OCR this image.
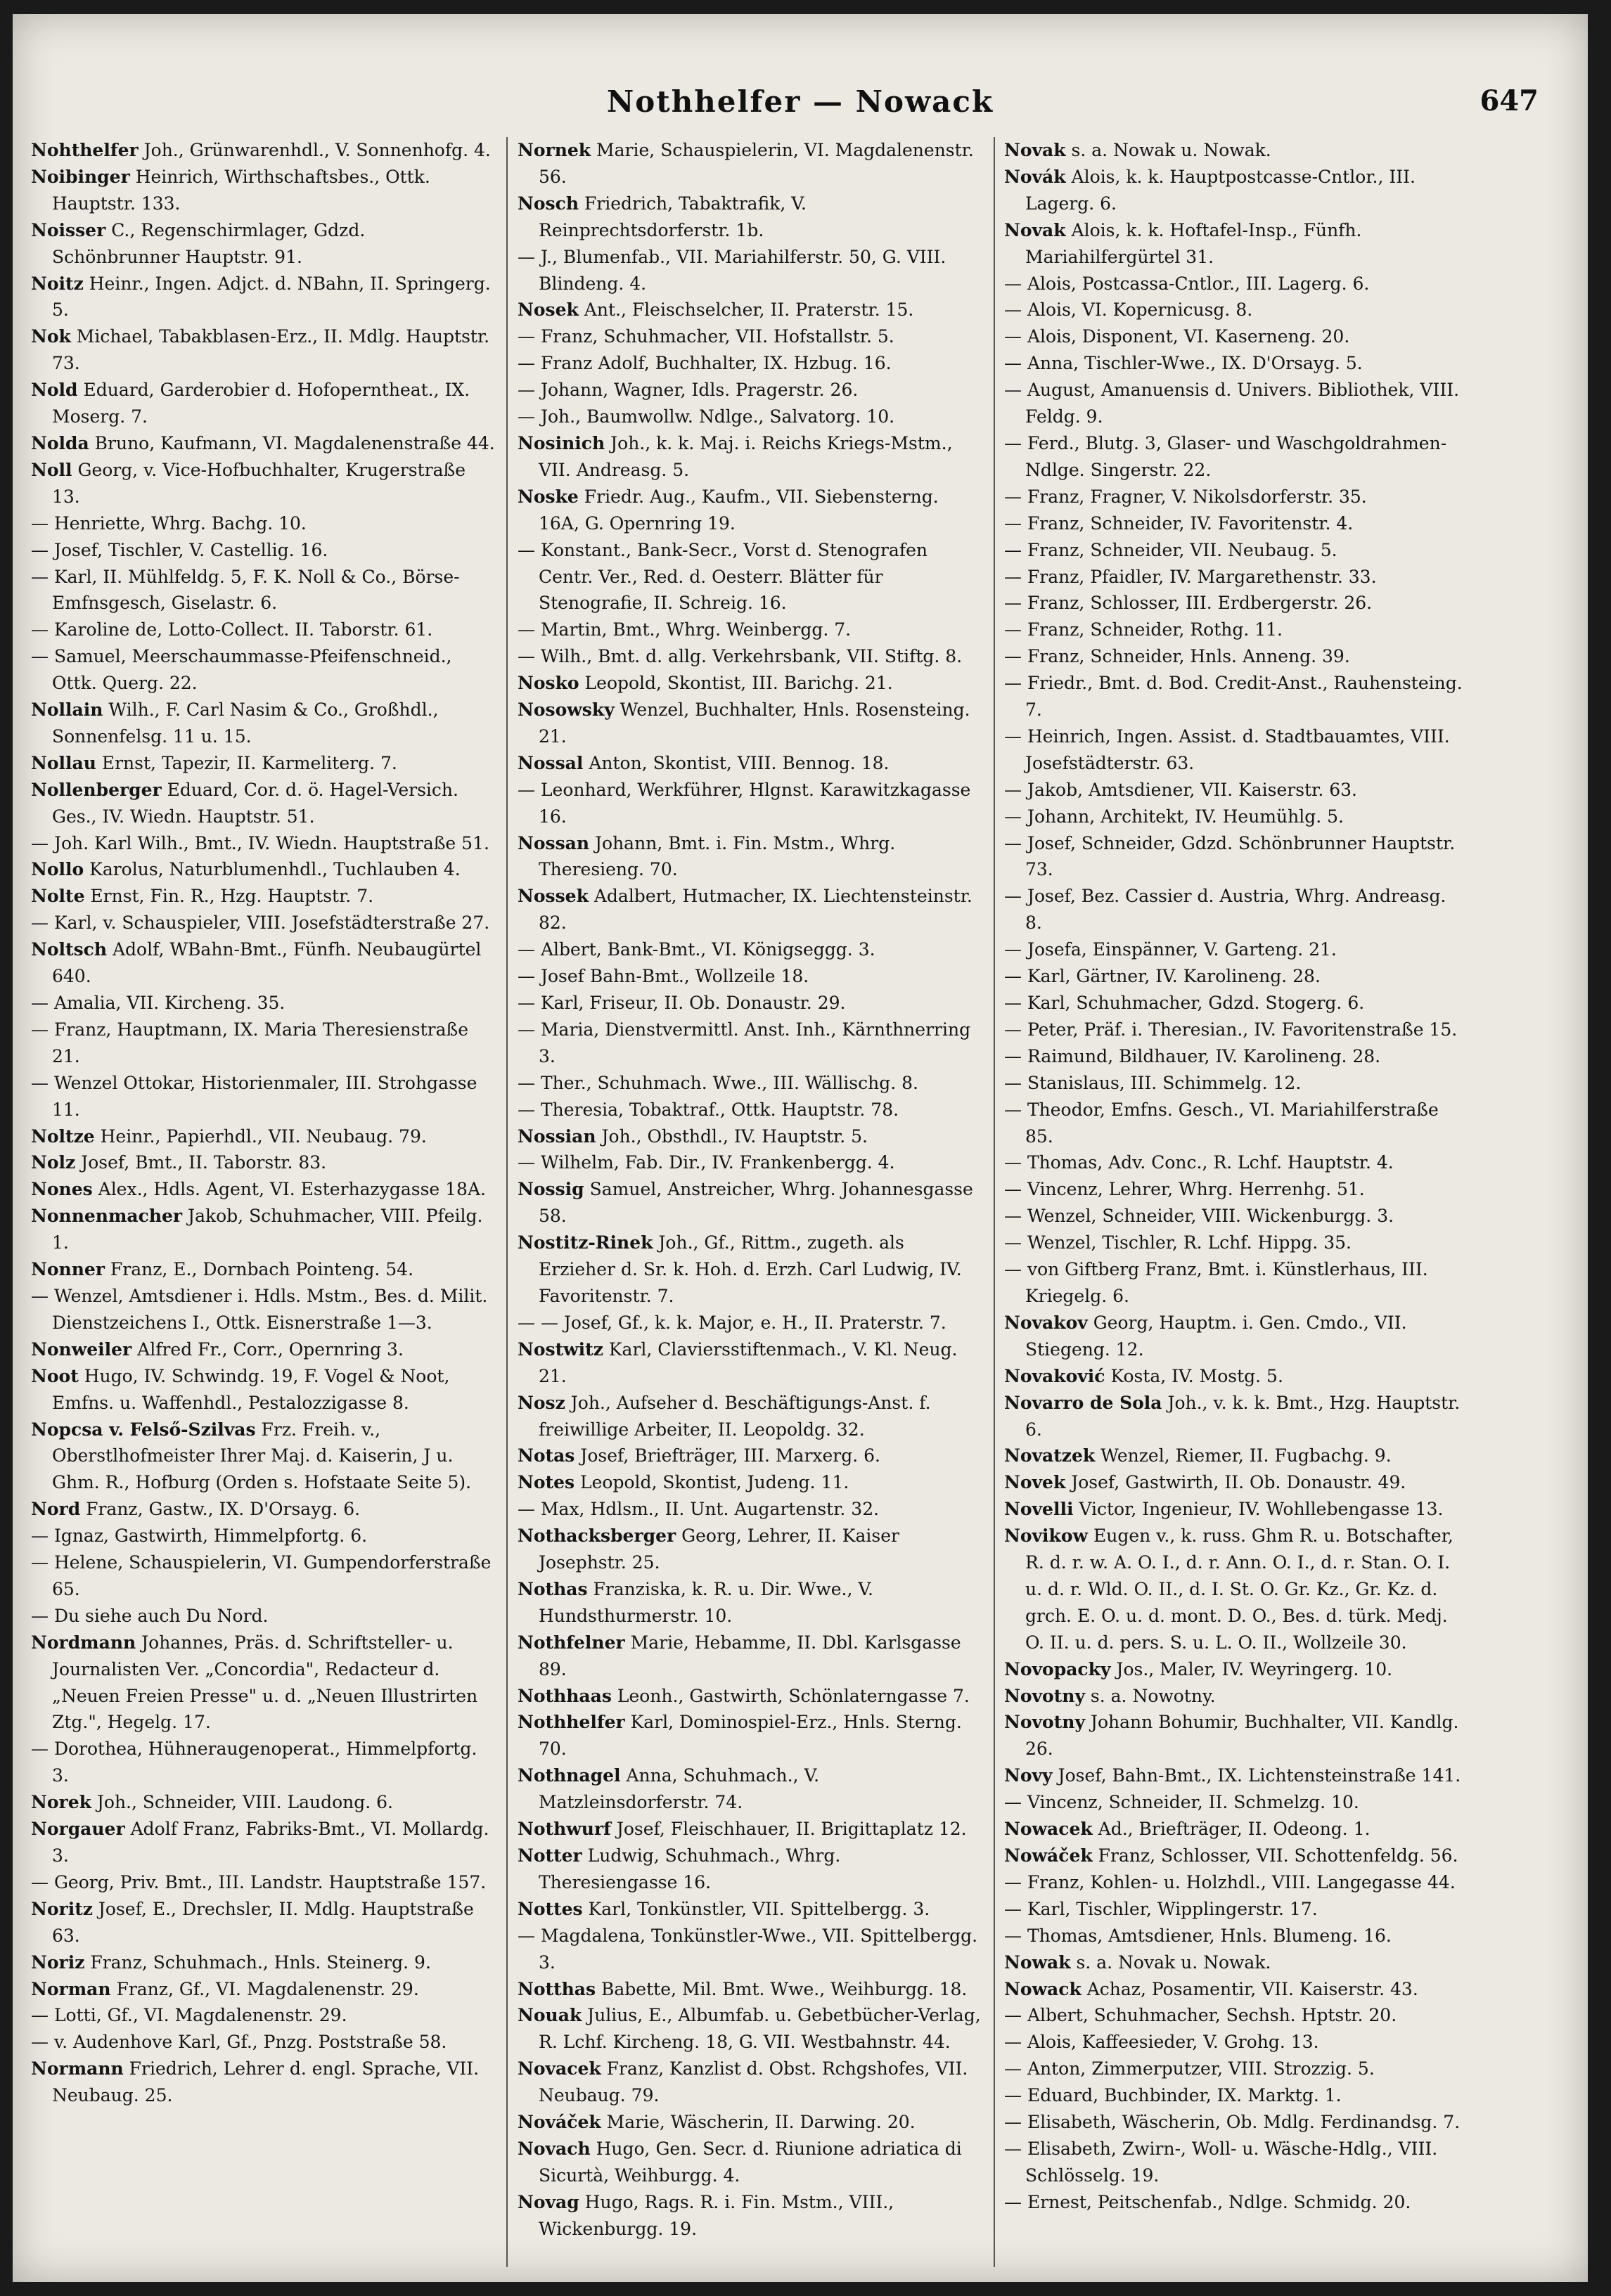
Nothhelfer — Nowack	647

Nohthelfer Joh., Grünwarenhdl., V. Sonnenhofg. 4.

Noibinger Heinrich, Wirthschaftsbes., Ottk. Hauptstr. 133.

Noisser C., Regenschirmlager, Gdzd. Schönbrunner Hauptstr. 91.

Noitz Heinr., Ingen. Adjct. d. NBahn, II. Springerg. 5.

Nok Michael, Tabakblasen-Erz., II. Mdlg. Hauptstr. 73.

Nold Eduard, Garderobier d. Hofoperntheat., IX. Moserg. 7.

Nolda Bruno, Kaufmann, VI. Magdalenenstraße 44.

Noll Georg, v. Vice-Hofbuchhalter, Krugerstraße 13.

— Henriette, Whrg. Bachg. 10.

— Josef, Tischler, V. Castellig. 16.

— Karl, II. Mühlfeldg. 5, F. K. Noll & Co., Börse-Emfnsgesch, Giselastr. 6.

— Karoline de, Lotto-Collect. II. Taborstr. 61.

— Samuel, Meerschaummasse-Pfeifenschneid., Ottk. Querg. 22.

Nollain Wilh., F. Carl Nasim & Co., Großhdl., Sonnenfelsg. 11 u. 15.

Nollau Ernst, Tapezir, II. Karmeliterg. 7.

Nollenberger Eduard, Cor. d. ö. Hagel-Versich. Ges., IV. Wiedn. Hauptstr. 51.

— Joh. Karl Wilh., Bmt., IV. Wiedn. Hauptstraße 51.

Nollo Karolus, Naturblumenhdl., Tuchlauben 4.

Nolte Ernst, Fin. R., Hzg. Hauptstr. 7.

— Karl, v. Schauspieler, VIII. Josefstädterstraße 27.

Noltsch Adolf, WBahn-Bmt., Fünfh. Neubaugürtel 640.

— Amalia, VII. Kircheng. 35.

— Franz, Hauptmann, IX. Maria Theresienstraße 21.

— Wenzel Ottokar, Historienmaler, III. Strohgasse 11.

Noltze Heinr., Papierhdl., VII. Neubaug. 79.

Nolz Josef, Bmt., II. Taborstr. 83.

Nones Alex., Hdls. Agent, VI. Esterhazygasse 18A.

Nonnenmacher Jakob, Schuhmacher, VIII. Pfeilg. 1.

Nonner Franz, E., Dornbach Pointeng. 54.

— Wenzel, Amtsdiener i. Hdls. Mstm., Bes. d. Milit. Dienstzeichens I., Ottk. Eisnerstraße 1—3.

Nonweiler Alfred Fr., Corr., Opernring 3.

Noot Hugo, IV. Schwindg. 19, F. Vogel & Noot, Emfns. u. Waffenhdl., Pestalozzigasse 8.

Nopcsa v. Felső-Szilvas Frz. Freih. v., Oberstlhofmeister Ihrer Maj. d. Kaiserin, J u. Ghm. R., Hofburg (Orden s. Hofstaate Seite 5).

Nord Franz, Gastw., IX. D'Orsayg. 6.

— Ignaz, Gastwirth, Himmelpfortg. 6.

— Helene, Schauspielerin, VI. Gumpendorferstraße 65.

— Du siehe auch Du Nord.

Nordmann Johannes, Präs. d. Schriftsteller- u. Journalisten Ver. „Concordia", Redacteur d. „Neuen Freien Presse" u. d. „Neuen Illustrirten Ztg.", Hegelg. 17.

— Dorothea, Hühneraugenoperat., Himmelpfortg. 3.

Norek Joh., Schneider, VIII. Laudong. 6.

Norgauer Adolf Franz, Fabriks-Bmt., VI. Mollardg. 3.

— Georg, Priv. Bmt., III. Landstr. Hauptstraße 157.

Noritz Josef, E., Drechsler, II. Mdlg. Hauptstraße 63.

Noriz Franz, Schuhmach., Hnls. Steinerg. 9.

Norman Franz, Gf., VI. Magdalenenstr. 29.

— Lotti, Gf., VI. Magdalenenstr. 29.

— v. Audenhove Karl, Gf., Pnzg. Poststraße 58.

Normann Friedrich, Lehrer d. engl. Sprache, VII. Neubaug. 25.

Nornek Marie, Schauspielerin, VI. Magdalenenstr. 56.

Nosch Friedrich, Tabaktrafik, V. Reinprechtsdorferstr. 1b.

— J., Blumenfab., VII. Mariahilferstr. 50, G. VIII. Blindeng. 4.

Nosek Ant., Fleischselcher, II. Praterstr. 15.

— Franz, Schuhmacher, VII. Hofstallstr. 5.

— Franz Adolf, Buchhalter, IX. Hzbug. 16.

— Johann, Wagner, Idls. Pragerstr. 26.

— Joh., Baumwollw. Ndlge., Salvatorg. 10.

Nosinich Joh., k. k. Maj. i. Reichs Kriegs-Mstm., VII. Andreasg. 5.

Noske Friedr. Aug., Kaufm., VII. Siebensterng. 16A, G. Opernring 19.

— Konstant., Bank-Secr., Vorst d. Stenografen Centr. Ver., Red. d. Oesterr. Blätter für Stenografie, II. Schreig. 16.

— Martin, Bmt., Whrg. Weinbergg. 7.

— Wilh., Bmt. d. allg. Verkehrsbank, VII. Stiftg. 8.

Nosko Leopold, Skontist, III. Barichg. 21.

Nosowsky Wenzel, Buchhalter, Hnls. Rosensteing. 21.

Nossal Anton, Skontist, VIII. Bennog. 18.

— Leonhard, Werkführer, Hlgnst. Karawitzkagasse 16.

Nossan Johann, Bmt. i. Fin. Mstm., Whrg. Theresieng. 70.

Nossek Adalbert, Hutmacher, IX. Liechtensteinstr. 82.

— Albert, Bank-Bmt., VI. Königseggg. 3.

— Josef Bahn-Bmt., Wollzeile 18.

— Karl, Friseur, II. Ob. Donaustr. 29.

— Maria, Dienstvermittl. Anst. Inh., Kärnthnerring 3.

— Ther., Schuhmach. Wwe., III. Wällischg. 8.

— Theresia, Tobaktraf., Ottk. Hauptstr. 78.

Nossian Joh., Obsthdl., IV. Hauptstr. 5.

— Wilhelm, Fab. Dir., IV. Frankenbergg. 4.

Nossig Samuel, Anstreicher, Whrg. Johannesgasse 58.

Nostitz-Rinek Joh., Gf., Rittm., zugeth. als Erzieher d. Sr. k. Hoh. d. Erzh. Carl Ludwig, IV. Favoritenstr. 7.

— — Josef, Gf., k. k. Major, e. H., II. Praterstr. 7.

Nostwitz Karl, Claviersstiftenmach., V. Kl. Neug. 21.

Nosz Joh., Aufseher d. Beschäftigungs-Anst. f. freiwillige Arbeiter, II. Leopoldg. 32.

Notas Josef, Briefträger, III. Marxerg. 6.

Notes Leopold, Skontist, Judeng. 11.

— Max, Hdlsm., II. Unt. Augartenstr. 32.

Nothacksberger Georg, Lehrer, II. Kaiser Josephstr. 25.

Nothas Franziska, k. R. u. Dir. Wwe., V. Hundsthurmerstr. 10.

Nothfelner Marie, Hebamme, II. Dbl. Karlsgasse 89.

Nothhaas Leonh., Gastwirth, Schönlaterngasse 7.

Nothhelfer Karl, Dominospiel-Erz., Hnls. Sterng. 70.

Nothnagel Anna, Schuhmach., V. Matzleinsdorferstr. 74.

Nothwurf Josef, Fleischhauer, II. Brigittaplatz 12.

Notter Ludwig, Schuhmach., Whrg. Theresiengasse 16.

Nottes Karl, Tonkünstler, VII. Spittelbergg. 3.

— Magdalena, Tonkünstler-Wwe., VII. Spittelbergg. 3.

Notthas Babette, Mil. Bmt. Wwe., Weihburgg. 18.

Nouak Julius, E., Albumfab. u. Gebetbücher-Verlag, R. Lchf. Kircheng. 18, G. VII. Westbahnstr. 44.

Novacek Franz, Kanzlist d. Obst. Rchgshofes, VII. Neubaug. 79.

Nováček Marie, Wäscherin, II. Darwing. 20.

Novach Hugo, Gen. Secr. d. Riunione adriatica di Sicurtà, Weihburgg. 4.

Novag Hugo, Rags. R. i. Fin. Mstm., VIII., Wickenburgg. 19.

Novak s. a. Nowak u. Nowak.

Novák Alois, k. k. Hauptpostcasse-Cntlor., III. Lagerg. 6.

Novak Alois, k. k. Hoftafel-Insp., Fünfh. Mariahilfergürtel 31.

— Alois, Postcassa-Cntlor., III. Lagerg. 6.

— Alois, VI. Kopernicusg. 8.

— Alois, Disponent, VI. Kaserneng. 20.

— Anna, Tischler-Wwe., IX. D'Orsayg. 5.

— August, Amanuensis d. Univers. Bibliothek, VIII. Feldg. 9.

— Ferd., Blutg. 3, Glaser- und Waschgoldrahmen-Ndlge. Singerstr. 22.

— Franz, Fragner, V. Nikolsdorferstr. 35.

— Franz, Schneider, IV. Favoritenstr. 4.

— Franz, Schneider, VII. Neubaug. 5.

— Franz, Pfaidler, IV. Margarethenstr. 33.

— Franz, Schlosser, III. Erdbergerstr. 26.

— Franz, Schneider, Rothg. 11.

— Franz, Schneider, Hnls. Anneng. 39.

— Friedr., Bmt. d. Bod. Credit-Anst., Rauhensteing. 7.

— Heinrich, Ingen. Assist. d. Stadtbauamtes, VIII. Josefstädterstr. 63.

— Jakob, Amtsdiener, VII. Kaiserstr. 63.

— Johann, Architekt, IV. Heumühlg. 5.

— Josef, Schneider, Gdzd. Schönbrunner Hauptstr. 73.

— Josef, Bez. Cassier d. Austria, Whrg. Andreasg. 8.

— Josefa, Einspänner, V. Garteng. 21.

— Karl, Gärtner, IV. Karolineng. 28.

— Karl, Schuhmacher, Gdzd. Stogerg. 6.

— Peter, Präf. i. Theresian., IV. Favoritenstraße 15.

— Raimund, Bildhauer, IV. Karolineng. 28.

— Stanislaus, III. Schimmelg. 12.

— Theodor, Emfns. Gesch., VI. Mariahilferstraße 85.

— Thomas, Adv. Conc., R. Lchf. Hauptstr. 4.

— Vincenz, Lehrer, Whrg. Herrenhg. 51.

— Wenzel, Schneider, VIII. Wickenburgg. 3.

— Wenzel, Tischler, R. Lchf. Hippg. 35.

— von Giftberg Franz, Bmt. i. Künstlerhaus, III. Kriegelg. 6.

Novakov Georg, Hauptm. i. Gen. Cmdo., VII. Stiegeng. 12.

Novaković Kosta, IV. Mostg. 5.

Novarro de Sola Joh., v. k. k. Bmt., Hzg. Hauptstr. 6.

Novatzek Wenzel, Riemer, II. Fugbachg. 9.

Novek Josef, Gastwirth, II. Ob. Donaustr. 49.

Novelli Victor, Ingenieur, IV. Wohllebengasse 13.

Novikow Eugen v., k. russ. Ghm R. u. Botschafter, R. d. r. w. A. O. I., d. r. Ann. O. I., d. r. Stan. O. I. u. d. r. Wld. O. II., d. I. St. O. Gr. Kz., Gr. Kz. d. grch. E. O. u. d. mont. D. O., Bes. d. türk. Medj. O. II. u. d. pers. S. u. L. O. II., Wollzeile 30.

Novopacky Jos., Maler, IV. Weyringerg. 10.

Novotny s. a. Nowotny.

Novotny Johann Bohumir, Buchhalter, VII. Kandlg. 26.

Novy Josef, Bahn-Bmt., IX. Lichtensteinstraße 141.

— Vincenz, Schneider, II. Schmelzg. 10.

Nowacek Ad., Briefträger, II. Odeong. 1.

Nowáček Franz, Schlosser, VII. Schottenfeldg. 56.

— Franz, Kohlen- u. Holzhdl., VIII. Langegasse 44.

— Karl, Tischler, Wipplingerstr. 17.

— Thomas, Amtsdiener, Hnls. Blumeng. 16.

Nowak s. a. Novak u. Nowak.

Nowack Achaz, Posamentir, VII. Kaiserstr. 43.

— Albert, Schuhmacher, Sechsh. Hptstr. 20.

— Alois, Kaffeesieder, V. Grohg. 13.

— Anton, Zimmerputzer, VIII. Strozzig. 5.

— Eduard, Buchbinder, IX. Marktg. 1.

— Elisabeth, Wäscherin, Ob. Mdlg. Ferdinandsg. 7.

— Elisabeth, Zwirn-, Woll- u. Wäsche-Hdlg., VIII. Schlösselg. 19.

— Ernest, Peitschenfab., Ndlge. Schmidg. 20.
